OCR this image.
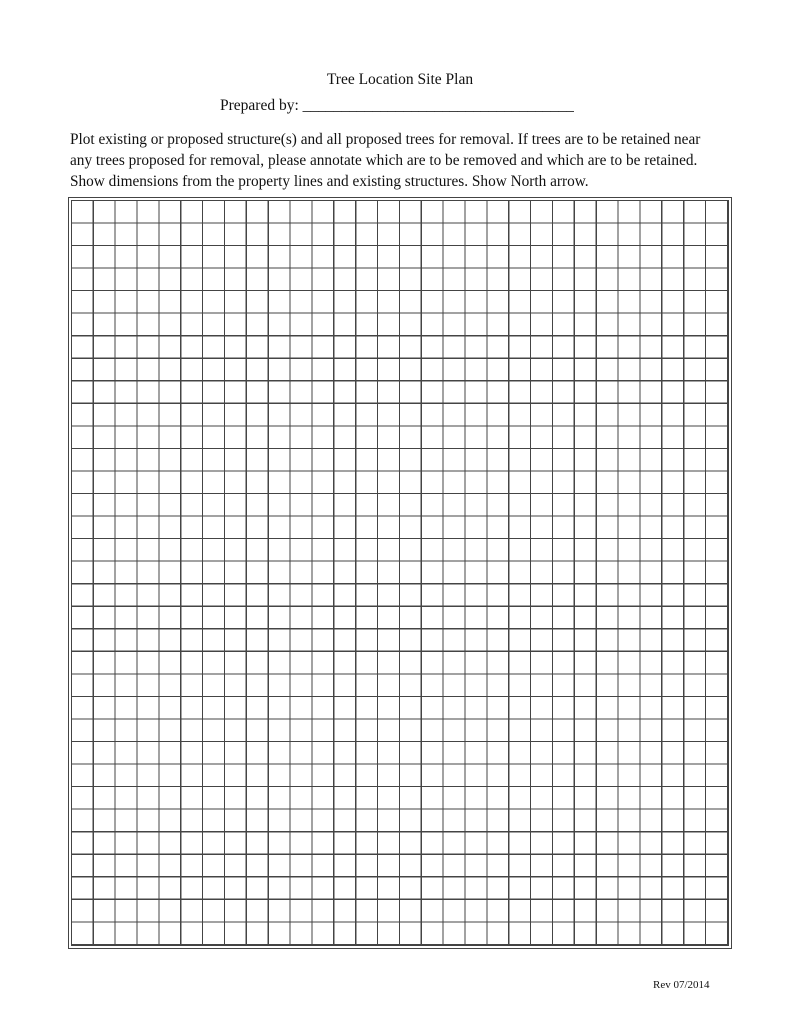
Tree Location Site Plan
Prepared by: ___________________________________
Plot existing or proposed structure(s) and all proposed trees for removal. If trees are to be retained near
any trees proposed for removal, please annotate which are to be removed and which are to be retained.
Show dimensions from the property lines and existing structures. Show North arrow.
Rev 07/2014
